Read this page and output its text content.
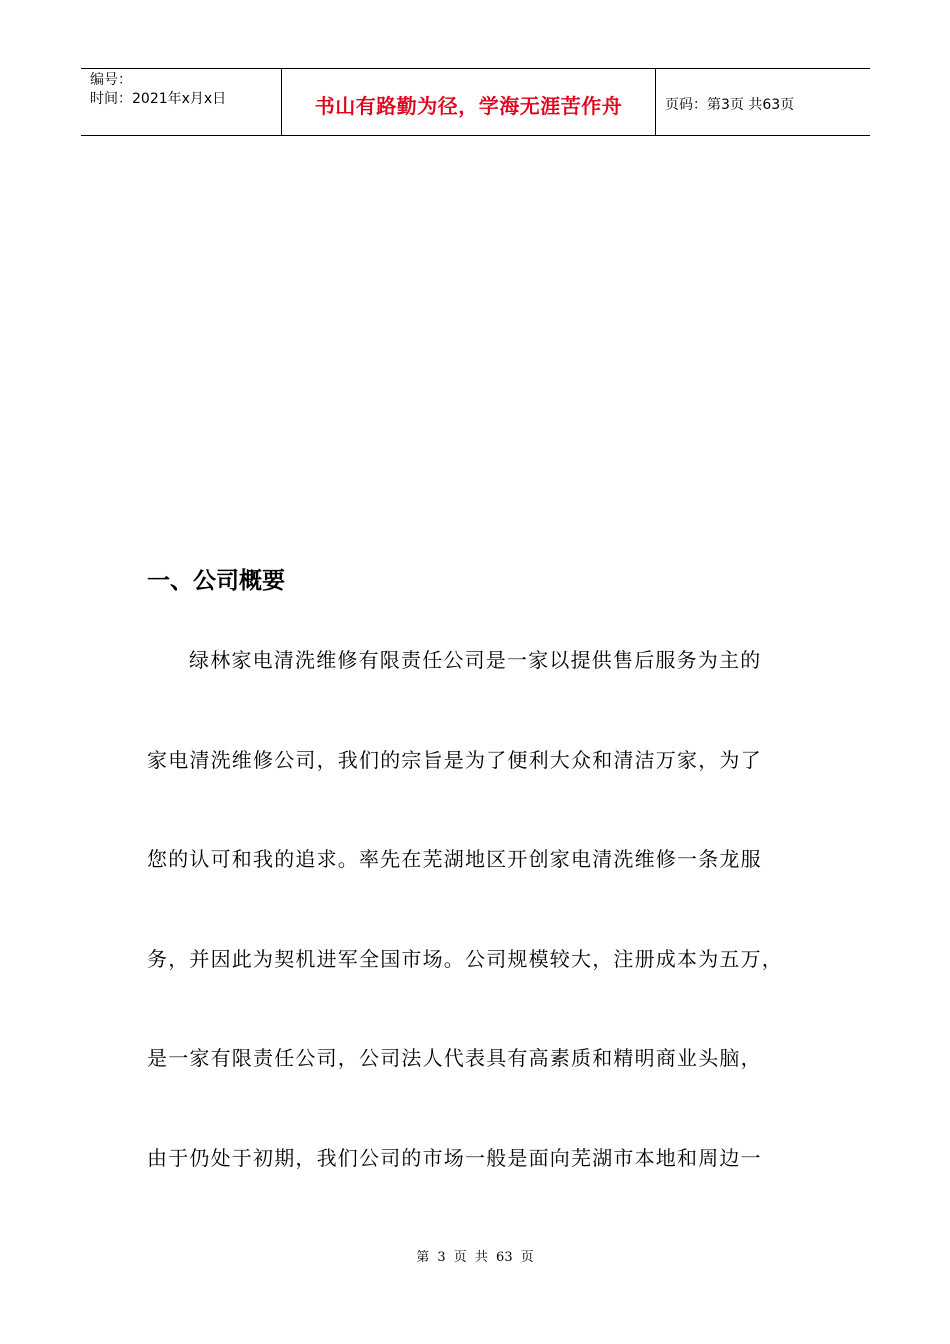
编号：
时间：2021年x月x日	书山有路勤为径，学海无涯苦作舟	页码：第3页 共63页
一、公司概要
绿林家电清洗维修有限责任公司是一家以提供售后服务为主的
家电清洗维修公司，我们的宗旨是为了便利大众和清洁万家，为了
您的认可和我的追求。率先在芜湖地区开创家电清洗维修一条龙服
务，并因此为契机进军全国市场。公司规模较大，注册成本为五万，
是一家有限责任公司，公司法人代表具有高素质和精明商业头脑，
由于仍处于初期，我们公司的市场一般是面向芜湖市本地和周边一
第 3 页 共 63 页
